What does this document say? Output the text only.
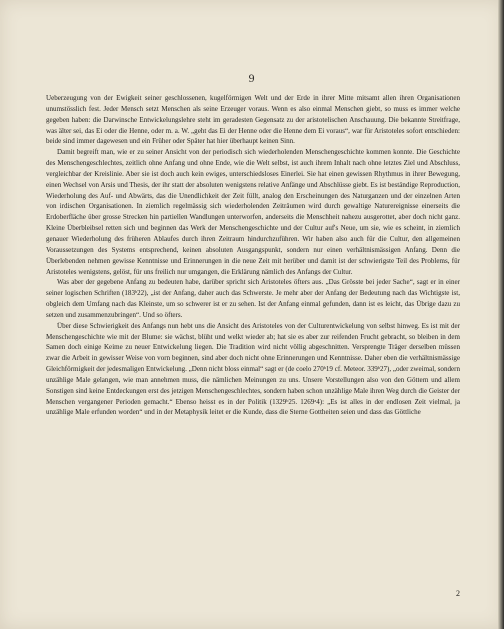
9

Ueberzeugung von der Ewigkeit seiner geschlossenen, kugelförmigen Welt und der Erde in ihrer Mitte mitsamt allen ihren Organisationen unumstösslich fest. Jeder Mensch setzt Menschen als seine Erzeuger voraus. Wenn es also einmal Menschen giebt, so muss es immer welche gegeben haben: die Darwinsche Entwickelungslehre steht im geradesten Gegensatz zu der aristotelischen Anschauung. Die bekannte Streitfrage, was älter sei, das Ei oder die Henne, oder m. a. W. „geht das Ei der Henne oder die Henne dem Ei voraus“, war für Aristoteles sofort entschieden: beide sind immer dagewesen und ein Früher oder Später hat hier überhaupt keinen Sinn.

Damit begreift man, wie er zu seiner Ansicht von der periodisch sich wiederholenden Menschengeschichte kommen konnte. Die Geschichte des Menschengeschlechtes, zeitlich ohne Anfang und ohne Ende, wie die Welt selbst, ist auch ihrem Inhalt nach ohne letztes Ziel und Abschluss, vergleichbar der Kreislinie. Aber sie ist doch auch kein ewiges, unterschiedsloses Einerlei. Sie hat einen gewissen Rhythmus in ihrer Bewegung, einen Wechsel von Arsis und Thesis, der ihr statt der absoluten wenigstens relative Anfänge und Abschlüsse giebt. Es ist beständige Reproduction, Wiederholung des Auf- und Abwärts, das die Unendlichkeit der Zeit füllt, analog den Erscheinungen des Naturganzen und der einzelnen Arten von irdischen Organisationen. In ziemlich regelmässig sich wiederholenden Zeiträumen wird durch gewaltige Naturereignisse einerseits die Erdoberfläche über grosse Strecken hin partiellen Wandlungen unterworfen, anderseits die Menschheit nahezu ausgerottet, aber doch nicht ganz. Kleine Überbleibsel retten sich und beginnen das Werk der Menschengeschichte und der Cultur auf's Neue, um sie, wie es scheint, in ziemlich genauer Wiederholung des früheren Ablaufes durch ihren Zeitraum hindurchzuführen. Wir haben also auch für die Cultur, den allgemeinen Voraussetzungen des Systems entsprechend, keinen absoluten Ausgangspunkt, sondern nur einen verhältnismässigen Anfang. Denn die Überlebenden nehmen gewisse Kenntnisse und Erinnerungen in die neue Zeit mit herüber und damit ist der schwierigste Teil des Problems, für Aristoteles wenigstens, gelöst, für uns freilich nur umgangen, die Erklärung nämlich des Anfangs der Cultur.

Was aber der gegebene Anfang zu bedeuten habe, darüber spricht sich Aristoteles öfters aus. „Das Grösste bei jeder Sache“, sagt er in einer seiner logischen Schriften (183ᵇ22), „ist der Anfang, daher auch das Schwerste. Je mehr aber der Anfang der Bedeutung nach das Wichtigste ist, obgleich dem Umfang nach das Kleinste, um so schwerer ist er zu sehen. Ist der Anfang einmal gefunden, dann ist es leicht, das Übrige dazu zu setzen und zusammenzubringen“. Und so öfters.

Über diese Schwierigkeit des Anfangs nun hebt uns die Ansicht des Aristoteles von der Culturentwickelung von selbst hinweg. Es ist mit der Menschengeschichte wie mit der Blume: sie wächst, blüht und welkt wieder ab; hat sie es aber zur reifenden Frucht gebracht, so bleiben in dem Samen doch einige Keime zu neuer Entwickelung liegen. Die Tradition wird nicht völlig abgeschnitten. Versprengte Träger derselben müssen zwar die Arbeit in gewisser Weise von vorn beginnen, sind aber doch nicht ohne Erinnerungen und Kenntnisse. Daher eben die verhältnismässige Gleichförmigkeit der jedesmaligen Entwickelung. „Denn nicht bloss einmal“ sagt er (de coelo 270ᵇ19 cf. Meteor. 339ᵇ27), „oder zweimal, sondern unzählige Male gelangen, wie man annehmen muss, die nämlichen Meinungen zu uns. Unsere Vorstellungen also von den Göttern und allem Sonstigen sind keine Entdeckungen erst des jetzigen Menschengeschlechtes, sondern haben schon unzählige Male ihren Weg durch die Geister der Menschen vergangener Perioden gemacht.“ Ebenso heisst es in der Politik (1329ᵇ25. 1269ᵃ4): „Es ist alles in der endlosen Zeit vielmal, ja unzählige Male erfunden worden“ und in der Metaphysik leitet er die Kunde, dass die Sterne Gottheiten seien und dass das Göttliche

2
